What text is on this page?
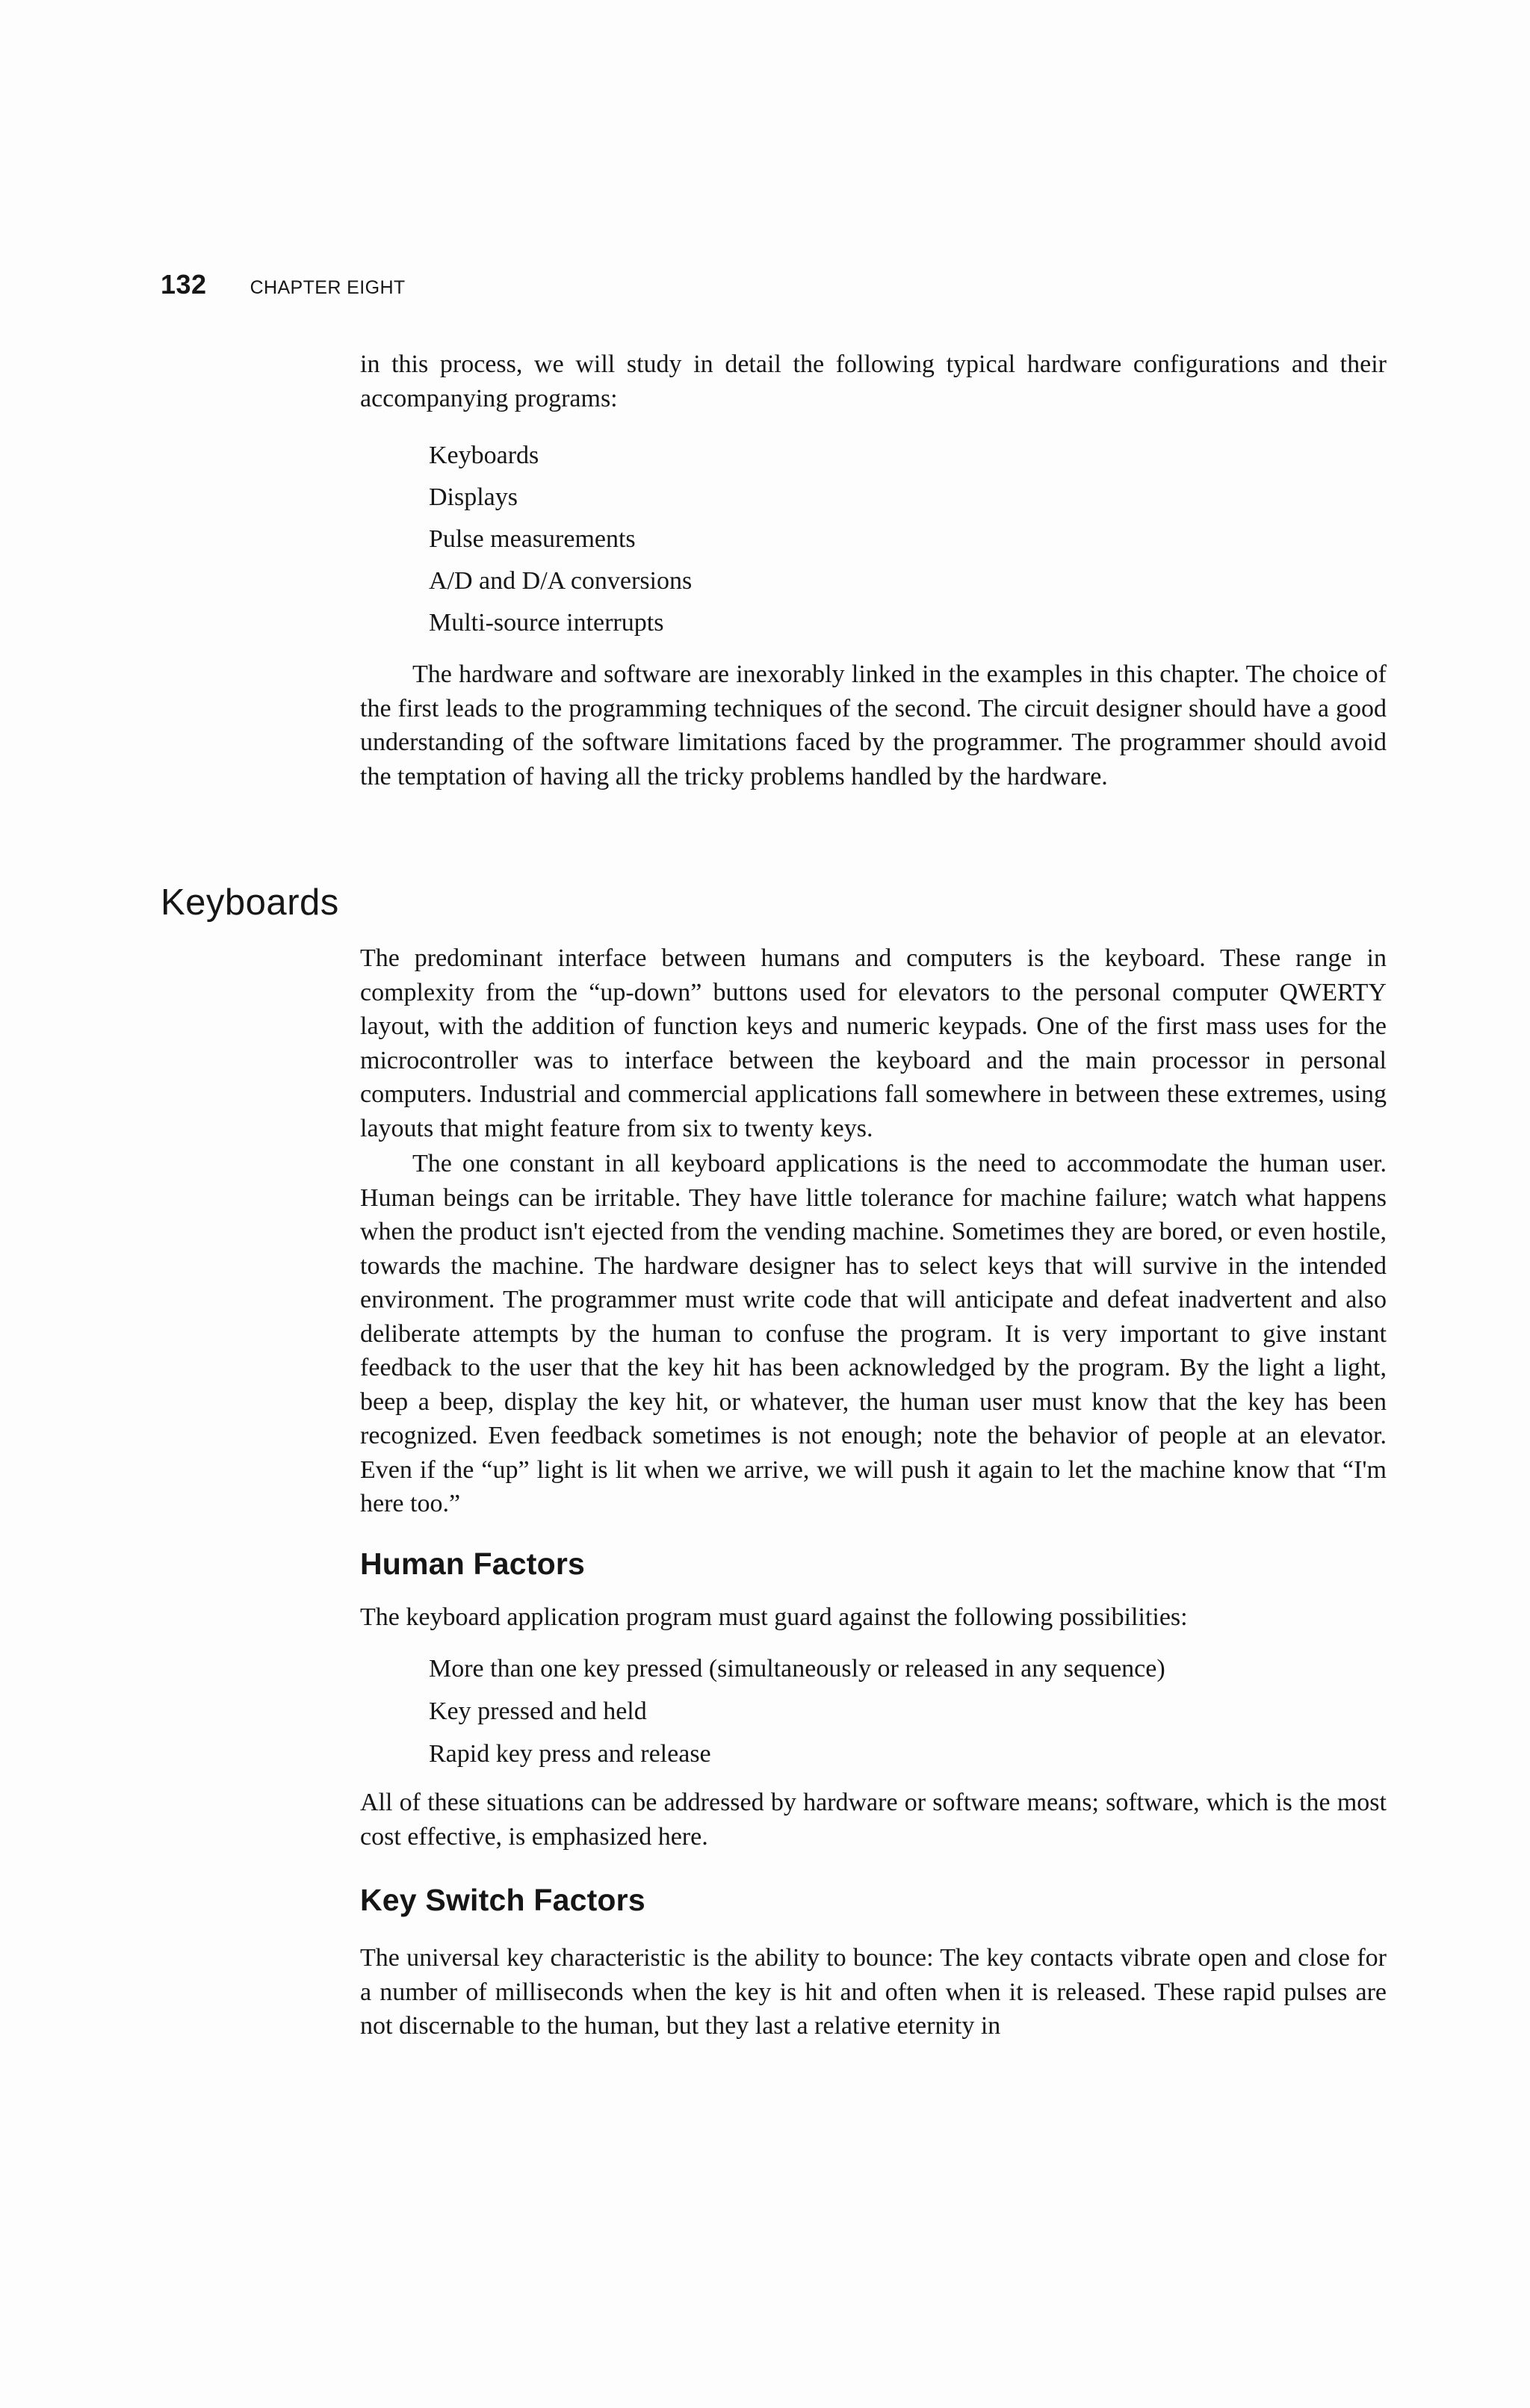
132 CHAPTER EIGHT

in this process, we will study in detail the following typical hardware configurations and their accompanying programs:

Keyboards
Displays
Pulse measurements
A/D and D/A conversions
Multi-source interrupts

The hardware and software are inexorably linked in the examples in this chapter. The choice of the first leads to the programming techniques of the second. The circuit designer should have a good understanding of the software limitations faced by the programmer. The programmer should avoid the temptation of having all the tricky problems handled by the hardware.

Keyboards

The predominant interface between humans and computers is the keyboard. These range in complexity from the “up-down” buttons used for elevators to the personal computer QWERTY layout, with the addition of function keys and numeric keypads. One of the first mass uses for the microcontroller was to interface between the keyboard and the main processor in personal computers. Industrial and commercial applications fall somewhere in between these extremes, using layouts that might feature from six to twenty keys.

The one constant in all keyboard applications is the need to accommodate the human user. Human beings can be irritable. They have little tolerance for machine failure; watch what happens when the product isn't ejected from the vending machine. Sometimes they are bored, or even hostile, towards the machine. The hardware designer has to select keys that will survive in the intended environment. The programmer must write code that will anticipate and defeat inadvertent and also deliberate attempts by the human to confuse the program. It is very important to give instant feedback to the user that the key hit has been acknowledged by the program. By the light a light, beep a beep, display the key hit, or whatever, the human user must know that the key has been recognized. Even feedback sometimes is not enough; note the behavior of people at an elevator. Even if the “up” light is lit when we arrive, we will push it again to let the machine know that “I'm here too.”

Human Factors

The keyboard application program must guard against the following possibilities:

More than one key pressed (simultaneously or released in any sequence)
Key pressed and held
Rapid key press and release

All of these situations can be addressed by hardware or software means; software, which is the most cost effective, is emphasized here.

Key Switch Factors

The universal key characteristic is the ability to bounce: The key contacts vibrate open and close for a number of milliseconds when the key is hit and often when it is released. These rapid pulses are not discernable to the human, but they last a relative eternity in
